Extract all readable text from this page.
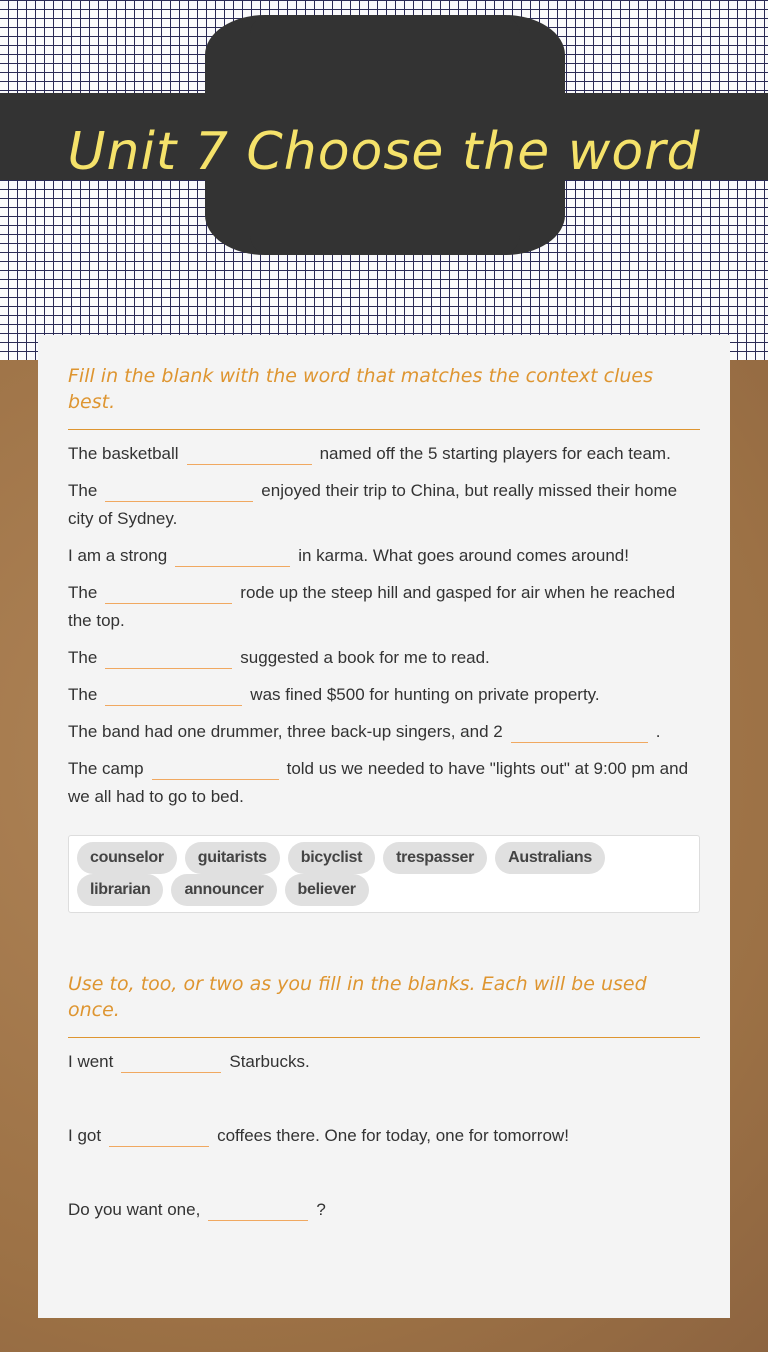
Unit 7 Choose the word
Fill in the blank with the word that matches the context clues best.
The basketball	named off the 5 starting players for each team.
The	enjoyed their trip to China, but really missed their home city of Sydney.
I am a strong	in karma. What goes around comes around!
The	rode up the steep hill and gasped for air when he reached the top.
The	suggested a book for me to read.
The	was fined $500 for hunting on private property.
The band had one drummer, three back-up singers, and 2	.
The camp	told us we needed to have "lights out" at 9:00 pm and we all had to go to bed.
counselor	guitarists	bicyclist	trespasser	Australians
librarian	announcer	believer
Use to, too, or two as you fill in the blanks. Each will be used once.
I went	Starbucks.
I got	coffees there. One for today, one for tomorrow!
Do you want one,	?
